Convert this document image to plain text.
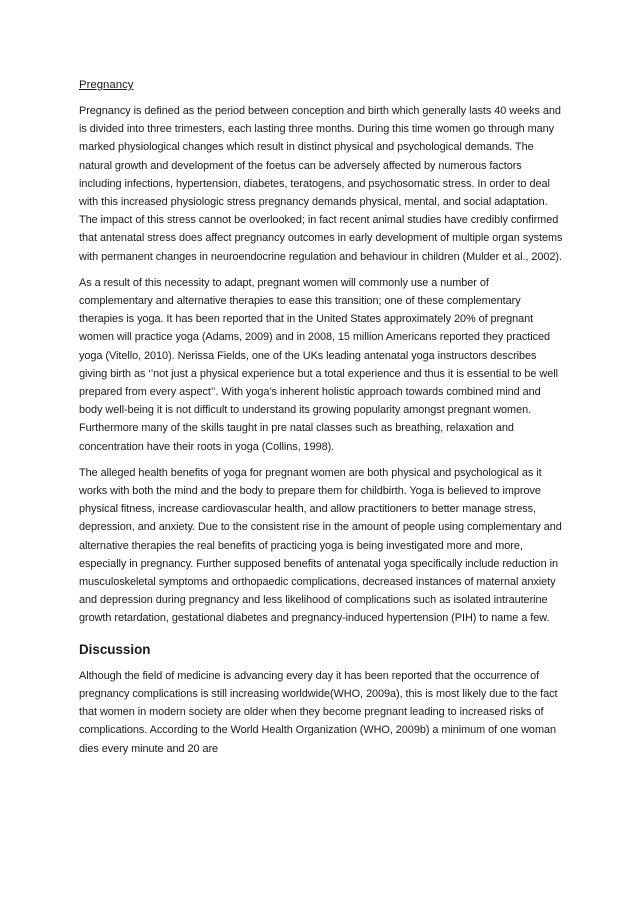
Pregnancy

Pregnancy is defined as the period between conception and birth which generally lasts 40 weeks and is divided into three trimesters, each lasting three months. During this time women go through many marked physiological changes which result in distinct physical and psychological demands. The natural growth and development of the foetus can be adversely affected by numerous factors including infections, hypertension, diabetes, teratogens, and psychosomatic stress. In order to deal with this increased physiologic stress pregnancy demands physical, mental, and social adaptation. The impact of this stress cannot be overlooked; in fact recent animal studies have credibly confirmed that antenatal stress does affect pregnancy outcomes in early development of multiple organ systems with permanent changes in neuroendocrine regulation and behaviour in children (Mulder et al., 2002).

As a result of this necessity to adapt, pregnant women will commonly use a number of complementary and alternative therapies to ease this transition; one of these complementary therapies is yoga. It has been reported that in the United States approximately 20% of pregnant women will practice yoga (Adams, 2009) and in 2008, 15 million Americans reported they practiced yoga (Vitello, 2010). Nerissa Fields, one of the UKs leading antenatal yoga instructors describes giving birth as ‘’not just a physical experience but a total experience and thus it is essential to be well prepared from every aspect’’. With yoga’s inherent holistic approach towards combined mind and body well-being it is not difficult to understand its growing popularity amongst pregnant women. Furthermore many of the skills taught in pre natal classes such as breathing, relaxation and concentration have their roots in yoga (Collins, 1998).

The alleged health benefits of yoga for pregnant women are both physical and psychological as it works with both the mind and the body to prepare them for childbirth. Yoga is believed to improve physical fitness, increase cardiovascular health, and allow practitioners to better manage stress, depression, and anxiety. Due to the consistent rise in the amount of people using complementary and alternative therapies the real benefits of practicing yoga is being investigated more and more, especially in pregnancy. Further supposed benefits of antenatal yoga specifically include reduction in musculoskeletal symptoms and orthopaedic complications, decreased instances of maternal anxiety and depression during pregnancy and less likelihood of complications such as isolated intrauterine growth retardation, gestational diabetes and pregnancy-induced hypertension (PIH) to name a few.

Discussion

Although the field of medicine is advancing every day it has been reported that the occurrence of pregnancy complications is still increasing worldwide(WHO, 2009a), this is most likely due to the fact that women in modern society are older when they become pregnant leading to increased risks of complications. According to the World Health Organization (WHO, 2009b) a minimum of one woman dies every minute and 20 are
